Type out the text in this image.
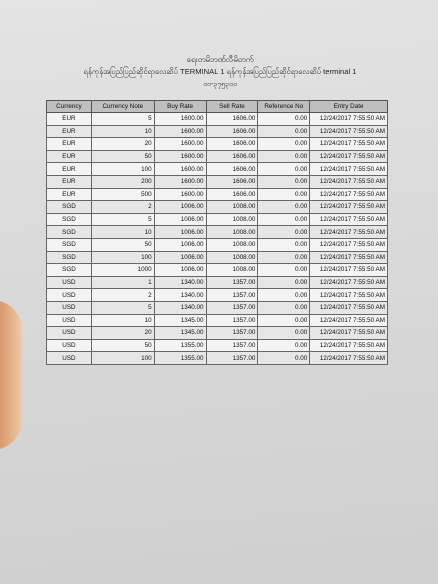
ရေးတမိဘဏ်လီမိတက်
ရန်ကုန်အပြည်ပြည်ဆိုင်ရာလေဆိပ် TERMINAL 1 ရန်ကုန်အပြည်ပြည်ဆိုင်ရာလေဆိပ် terminal 1
၀၀-၃၇၅၃၀၀
Currency	Currency Note	Buy Rate	Sell Rate	Reference No	Entry Date
EUR	5	1600.00	1606.00	0.00	12/24/2017 7:55:50 AM
EUR	10	1600.00	1606.00	0.00	12/24/2017 7:55:50 AM
EUR	20	1600.00	1606.00	0.00	12/24/2017 7:55:50 AM
EUR	50	1600.00	1606.00	0.00	12/24/2017 7:55:50 AM
EUR	100	1600.00	1606.00	0.00	12/24/2017 7:55:50 AM
EUR	200	1600.00	1606.00	0.00	12/24/2017 7:55:50 AM
EUR	500	1600.00	1606.00	0.00	12/24/2017 7:55:50 AM
SGD	2	1006.00	1008.00	0.00	12/24/2017 7:55:50 AM
SGD	5	1006.00	1008.00	0.00	12/24/2017 7:55:50 AM
SGD	10	1006.00	1008.00	0.00	12/24/2017 7:55:50 AM
SGD	50	1006.00	1008.00	0.00	12/24/2017 7:55:50 AM
SGD	100	1006.00	1008.00	0.00	12/24/2017 7:55:50 AM
SGD	1000	1006.00	1008.00	0.00	12/24/2017 7:55:50 AM
USD	1	1340.00	1357.00	0.00	12/24/2017 7:55:50 AM
USD	2	1340.00	1357.00	0.00	12/24/2017 7:55:50 AM
USD	5	1340.00	1357.00	0.00	12/24/2017 7:55:50 AM
USD	10	1345.00	1357.00	0.00	12/24/2017 7:55:50 AM
USD	20	1345.00	1357.00	0.00	12/24/2017 7:55:50 AM
USD	50	1355.00	1357.00	0.00	12/24/2017 7:55:50 AM
USD	100	1355.00	1357.00	0.00	12/24/2017 7:55:50 AM
